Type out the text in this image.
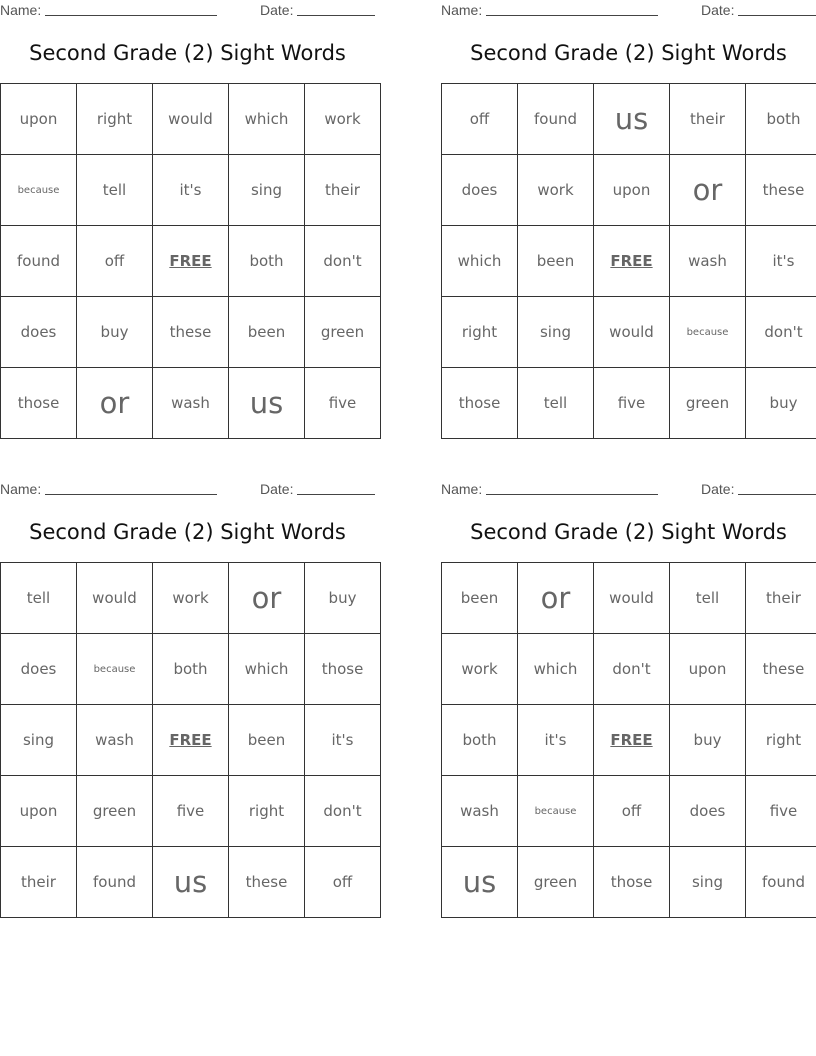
Name:	Date:
Second Grade (2) Sight Words
upon	right	would	which	work
because	tell	it's	sing	their
found	off	FREE	both	don't
does	buy	these	been	green
those	or	wash	us	five
Name:	Date:
Second Grade (2) Sight Words
off	found	us	their	both
does	work	upon	or	these
which	been	FREE	wash	it's
right	sing	would	because	don't
those	tell	five	green	buy
Name:	Date:
Second Grade (2) Sight Words
tell	would	work	or	buy
does	because	both	which	those
sing	wash	FREE	been	it's
upon	green	five	right	don't
their	found	us	these	off
Name:	Date:
Second Grade (2) Sight Words
been	or	would	tell	their
work	which	don't	upon	these
both	it's	FREE	buy	right
wash	because	off	does	five
us	green	those	sing	found
